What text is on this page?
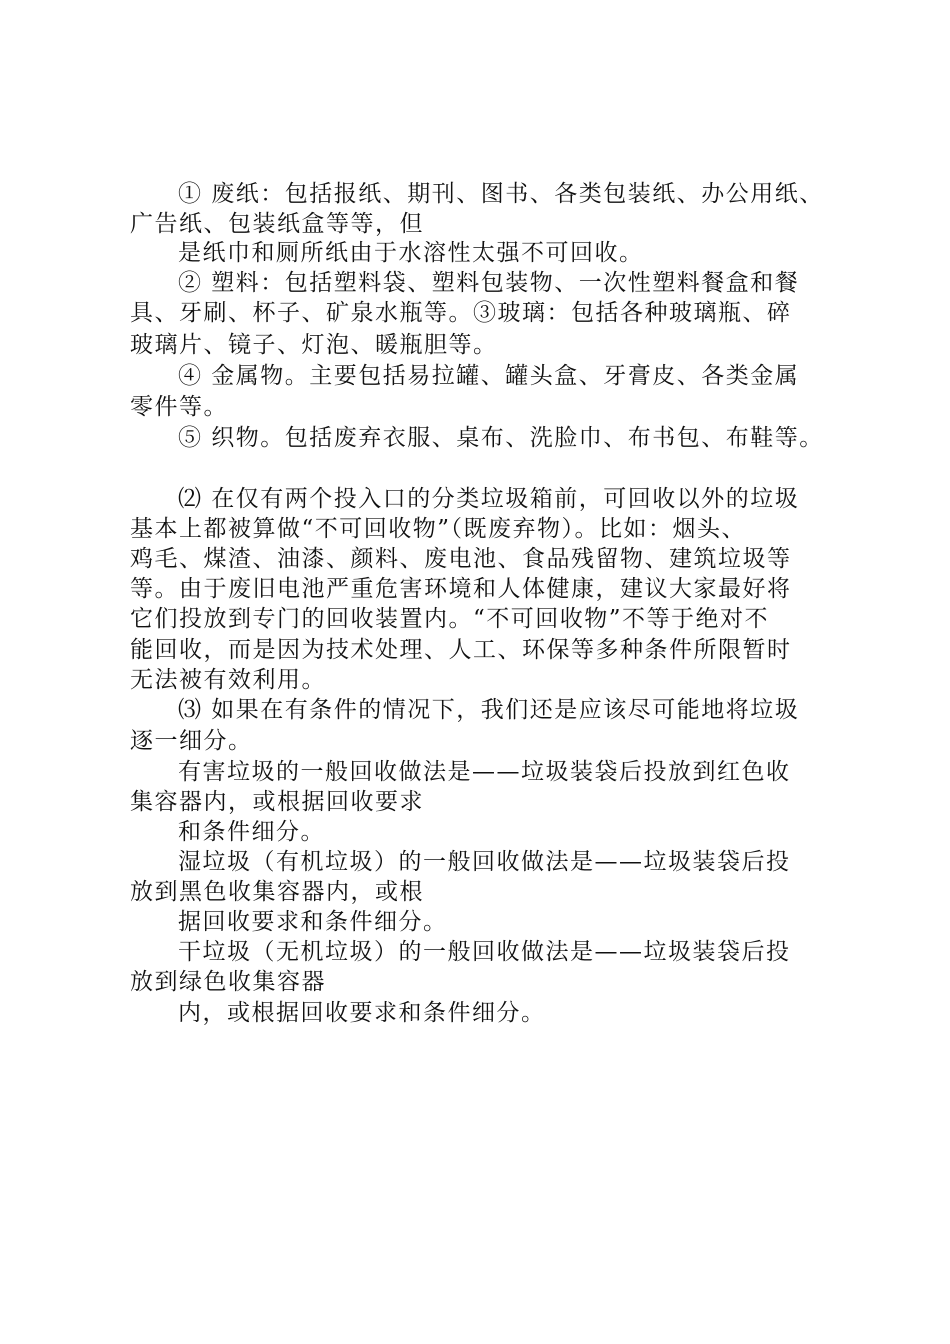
① 废纸：包括报纸、期刊、图书、各类包装纸、办公用纸、
广告纸、包装纸盒等等，但
是纸巾和厕所纸由于水溶性太强不可回收。
② 塑料：包括塑料袋、塑料包装物、一次性塑料餐盒和餐
具、牙刷、杯子、矿泉水瓶等。③玻璃：包括各种玻璃瓶、碎
玻璃片、镜子、灯泡、暖瓶胆等。
④ 金属物。主要包括易拉罐、罐头盒、牙膏皮、各类金属
零件等。
⑤ 织物。包括废弃衣服、桌布、洗脸巾、布书包、布鞋等。
⑵ 在仅有两个投入口的分类垃圾箱前，可回收以外的垃圾
基本上都被算做“不可回收物”（既废弃物）。比如：烟头、
鸡毛、煤渣、油漆、颜料、废电池、食品残留物、建筑垃圾等
等。由于废旧电池严重危害环境和人体健康，建议大家最好将
它们投放到专门的回收装置内。“不可回收物”不等于绝对不
能回收，而是因为技术处理、人工、环保等多种条件所限暂时
无法被有效利用。
⑶ 如果在有条件的情况下，我们还是应该尽可能地将垃圾
逐一细分。
有害垃圾的一般回收做法是——垃圾装袋后投放到红色收
集容器内，或根据回收要求
和条件细分。
湿垃圾（有机垃圾）的一般回收做法是——垃圾装袋后投
放到黑色收集容器内，或根
据回收要求和条件细分。
干垃圾（无机垃圾）的一般回收做法是——垃圾装袋后投
放到绿色收集容器
内，或根据回收要求和条件细分。
